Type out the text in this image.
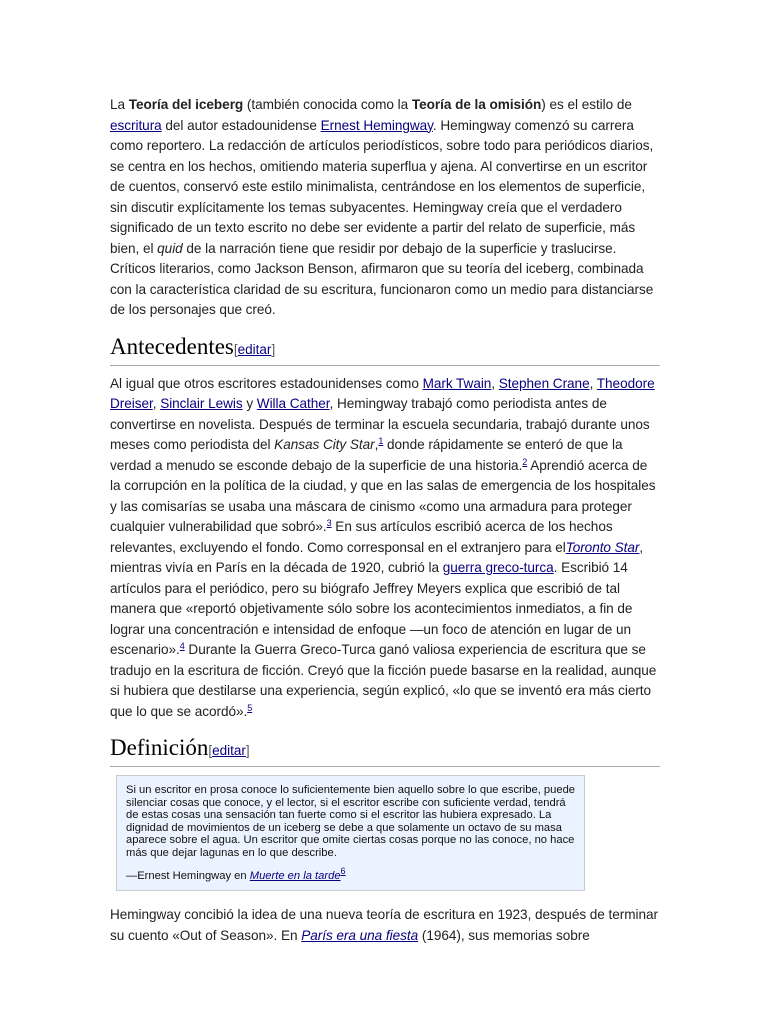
La Teoría del iceberg (también conocida como la Teoría de la omisión) es el estilo de escritura del autor estadounidense Ernest Hemingway. Hemingway comenzó su carrera como reportero. La redacción de artículos periodísticos, sobre todo para periódicos diarios, se centra en los hechos, omitiendo materia superflua y ajena. Al convertirse en un escritor de cuentos, conservó este estilo minimalista, centrándose en los elementos de superficie, sin discutir explícitamente los temas subyacentes. Hemingway creía que el verdadero significado de un texto escrito no debe ser evidente a partir del relato de superficie, más bien, el quid de la narración tiene que residir por debajo de la superficie y traslucirse. Críticos literarios, como Jackson Benson, afirmaron que su teoría del iceberg, combinada con la característica claridad de su escritura, funcionaron como un medio para distanciarse de los personajes que creó.

Antecedentes[editar]

Al igual que otros escritores estadounidenses como Mark Twain, Stephen Crane, Theodore Dreiser, Sinclair Lewis y Willa Cather, Hemingway trabajó como periodista antes de convertirse en novelista. Después de terminar la escuela secundaria, trabajó durante unos meses como periodista del Kansas City Star,$^1$ donde rápidamente se enteró de que la verdad a menudo se esconde debajo de la superficie de una historia.$^2$ Aprendió acerca de la corrupción en la política de la ciudad, y que en las salas de emergencia de los hospitales y las comisarías se usaba una máscara de cinismo «como una armadura para proteger cualquier vulnerabilidad que sobró».$^3$ En sus artículos escribió acerca de los hechos relevantes, excluyendo el fondo. Como corresponsal en el extranjero para elToronto Star, mientras vivía en París en la década de 1920, cubrió la guerra greco-turca. Escribió 14 artículos para el periódico, pero su biógrafo Jeffrey Meyers explica que escribió de tal manera que «reportó objetivamente sólo sobre los acontecimientos inmediatos, a fin de lograr una concentración e intensidad de enfoque —un foco de atención en lugar de un escenario».$^4$ Durante la Guerra Greco-Turca ganó valiosa experiencia de escritura que se tradujo en la escritura de ficción. Creyó que la ficción puede basarse en la realidad, aunque si hubiera que destilarse una experiencia, según explicó, «lo que se inventó era más cierto que lo que se acordó».$^5$

Definición[editar]

Si un escritor en prosa conoce lo suficientemente bien aquello sobre lo que escribe, puede silenciar cosas que conoce, y el lector, si el escritor escribe con suficiente verdad, tendrá de estas cosas una sensación tan fuerte como si el escritor las hubiera expresado. La dignidad de movimientos de un iceberg se debe a que solamente un octavo de su masa aparece sobre el agua. Un escritor que omite ciertas cosas porque no las conoce, no hace más que dejar lagunas en lo que describe.

—Ernest Hemingway en Muerte en la tarde$^6$

Hemingway concibió la idea de una nueva teoría de escritura en 1923, después de terminar su cuento «Out of Season». En París era una fiesta (1964), sus memorias sobre
